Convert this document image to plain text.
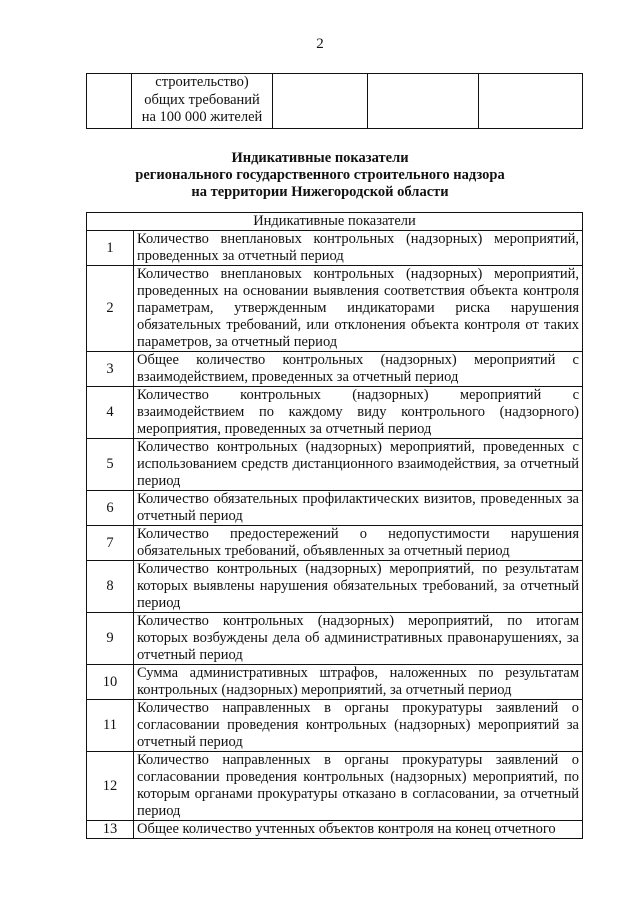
2

строительство)
общих требований
на 100 000 жителей

Индикативные показатели
регионального государственного строительного надзора
на территории Нижегородской области
Индикативные показатели	
1	Количество внеплановых контрольных (надзорных) мероприятий, проведенных за отчетный период
2	Количество внеплановых контрольных (надзорных) мероприятий, проведенных на основании выявления соответствия объекта контроля параметрам, утвержденным индикаторами риска нарушения обязательных требований, или отклонения объекта контроля от таких параметров, за отчетный период
3	Общее количество контрольных (надзорных) мероприятий с взаимодействием, проведенных за отчетный период
4	Количество контрольных (надзорных) мероприятий с взаимодействием по каждому виду контрольного (надзорного) мероприятия, проведенных за отчетный период
5	Количество контрольных (надзорных) мероприятий, проведенных с использованием средств дистанционного взаимодействия, за отчетный период
6	Количество обязательных профилактических визитов, проведенных за отчетный период
7	Количество предостережений о недопустимости нарушения обязательных требований, объявленных за отчетный период
8	Количество контрольных (надзорных) мероприятий, по результатам которых выявлены нарушения обязательных требований, за отчетный период
9	Количество контрольных (надзорных) мероприятий, по итогам которых возбуждены дела об административных правонарушениях, за отчетный период
10	Сумма административных штрафов, наложенных по результатам контрольных (надзорных) мероприятий, за отчетный период
11	Количество направленных в органы прокуратуры заявлений о согласовании проведения контрольных (надзорных) мероприятий за отчетный период
12	Количество направленных в органы прокуратуры заявлений о согласовании проведения контрольных (надзорных) мероприятий, по которым органами прокуратуры отказано в согласовании, за отчетный период
13	Общее количество учтенных объектов контроля на конец отчетного
